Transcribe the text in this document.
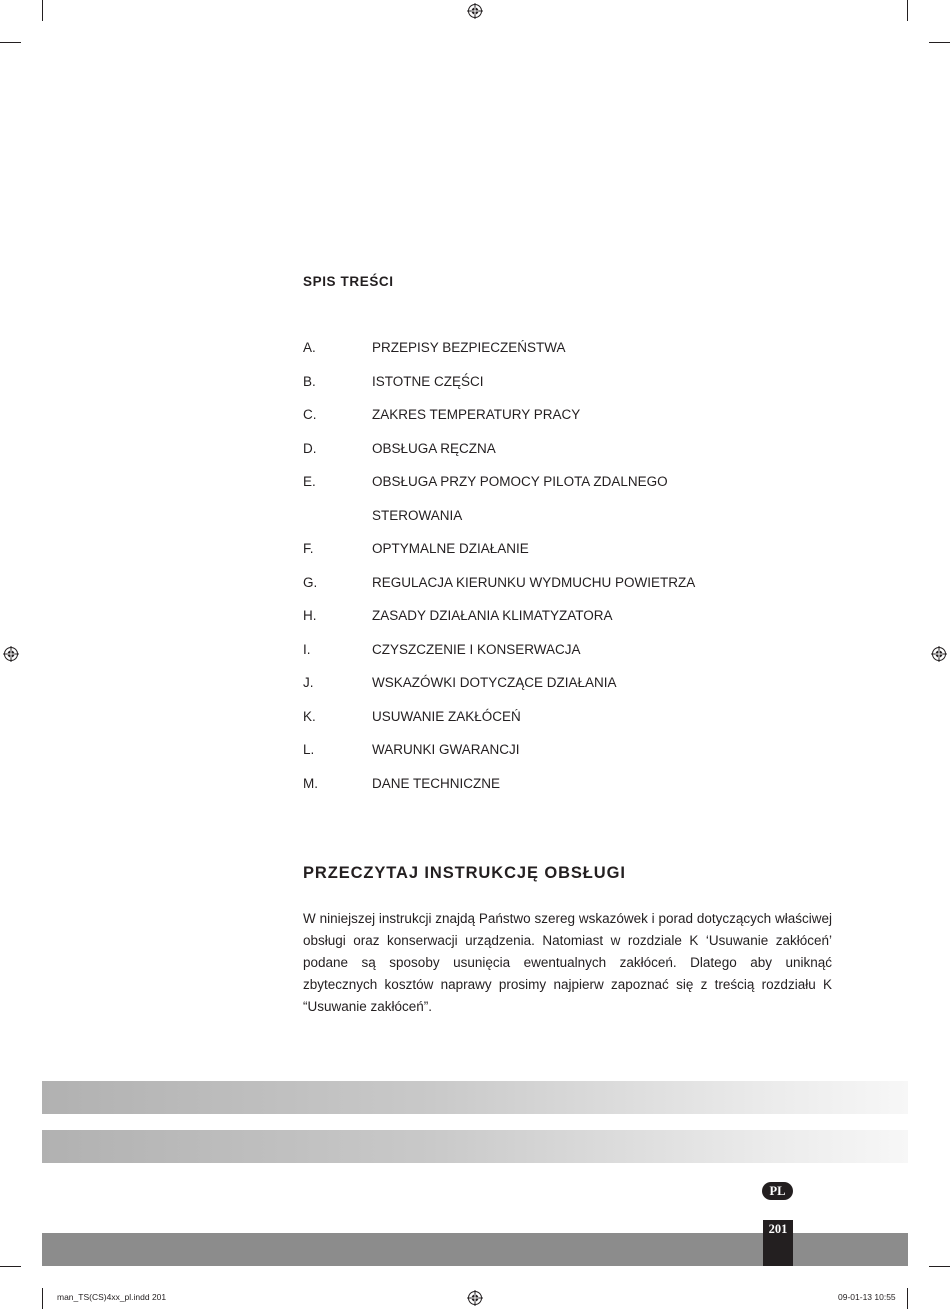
SPIS TREŚCI
A.	PRZEPISY BEZPIECZEŃSTWA
B.	ISTOTNE CZĘŚCI
C.	ZAKRES TEMPERATURY PRACY
D.	OBSŁUGA RĘCZNA
E.	OBSŁUGA PRZY POMOCY PILOTA ZDALNEGO
STEROWANIA
F.	OPTYMALNE DZIAŁANIE
G.	REGULACJA KIERUNKU WYDMUCHU POWIETRZA
H.	ZASADY DZIAŁANIA KLIMATYZATORA
I.	CZYSZCZENIE I KONSERWACJA
J.	WSKAZÓWKI DOTYCZĄCE DZIAŁANIA
K.	USUWANIE ZAKŁÓCEŃ
L.	WARUNKI GWARANCJI
M.	DANE TECHNICZNE
PRZECZYTAJ INSTRUKCJĘ OBSŁUGI

W niniejszej instrukcji znajdą Państwo szereg wskazówek i porad dotyczących właściwej obsługi oraz konserwacji urządzenia. Natomiast w rozdziale K ‘Usuwanie zakłóceń’ podane są sposoby usunięcia ewentualnych zakłóceń. Dlatego aby uniknąć zbytecznych kosztów naprawy prosimy najpierw zapoznać się z treścią rozdziału K “Usuwanie zakłóceń”.

PL
201
man_TS(CS)4xx_pl.indd 201	09-01-13 10:55
